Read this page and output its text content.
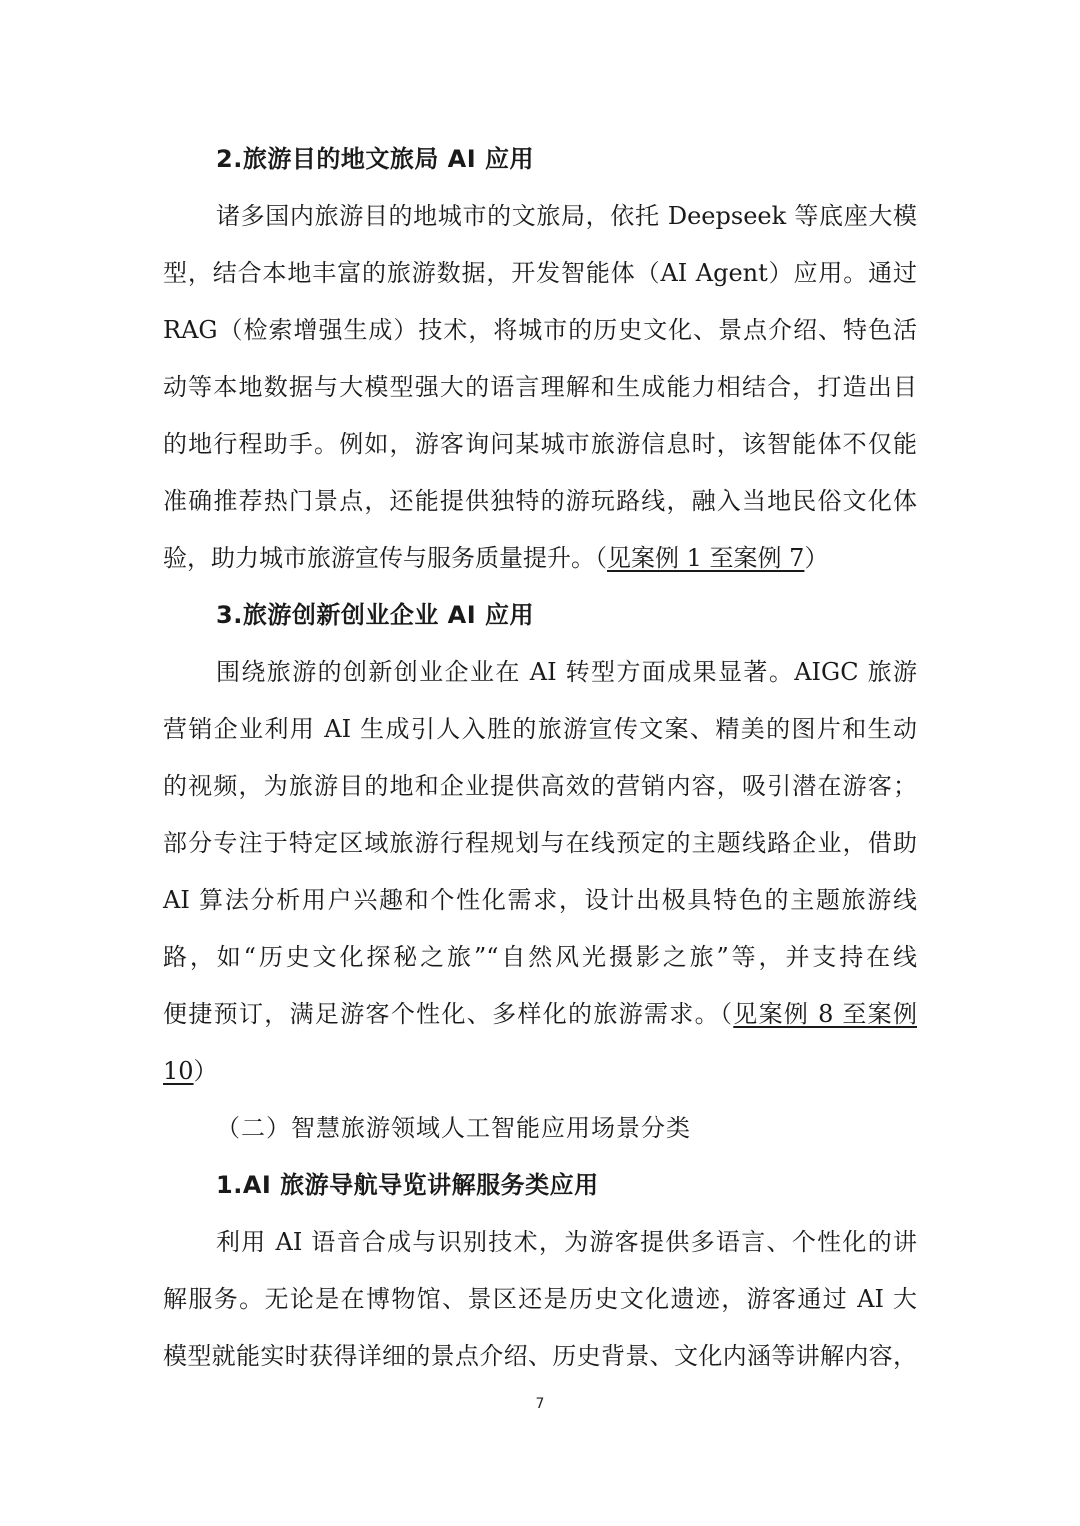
2.旅游目的地文旅局 AI 应用
诸多国内旅游目的地城市的文旅局，依托 Deepseek 等底座大模
型，结合本地丰富的旅游数据，开发智能体（AI Agent）应用。通过
RAG（检索增强生成）技术，将城市的历史文化、景点介绍、特色活
动等本地数据与大模型强大的语言理解和生成能力相结合，打造出目
的地行程助手。例如，游客询问某城市旅游信息时，该智能体不仅能
准确推荐热门景点，还能提供独特的游玩路线，融入当地民俗文化体
验，助力城市旅游宣传与服务质量提升。（见案例 1 至案例 7）
3.旅游创新创业企业 AI 应用
围绕旅游的创新创业企业在 AI 转型方面成果显著。AIGC 旅游
营销企业利用 AI 生成引人入胜的旅游宣传文案、精美的图片和生动
的视频，为旅游目的地和企业提供高效的营销内容，吸引潜在游客；
部分专注于特定区域旅游行程规划与在线预定的主题线路企业，借助
AI 算法分析用户兴趣和个性化需求，设计出极具特色的主题旅游线
路，如“历史文化探秘之旅”“自然风光摄影之旅”等，并支持在线
便捷预订，满足游客个性化、多样化的旅游需求。（见案例 8 至案例
10）
（二）智慧旅游领域人工智能应用场景分类
1.AI 旅游导航导览讲解服务类应用
利用 AI 语音合成与识别技术，为游客提供多语言、个性化的讲
解服务。无论是在博物馆、景区还是历史文化遗迹，游客通过 AI 大
模型就能实时获得详细的景点介绍、历史背景、文化内涵等讲解内容，
7
